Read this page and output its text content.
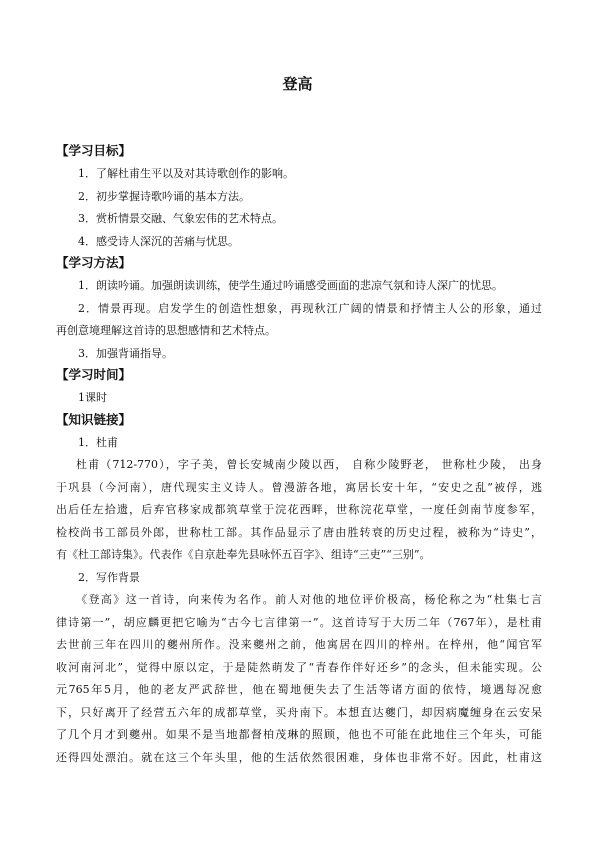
登高
【学习目标】
1．了解杜甫生平以及对其诗歌创作的影响。
2．初步掌握诗歌吟诵的基本方法。
3．赏析情景交融、气象宏伟的艺术特点。
4．感受诗人深沉的苦痛与忧思。
【学习方法】
1．朗读吟诵。加强朗读训练，使学生通过吟诵感受画面的悲凉气氛和诗人深广的忧思。
2．情景再现。启发学生的创造性想象，再现秋江广阔的情景和抒情主人公的形象，通过
再创意境理解这首诗的思想感情和艺术特点。
3．加强背诵指导。
【学习时间】
1课时
【知识链接】
1．杜甫
杜甫（712-770），字子美，曾长安城南少陵以西， 自称少陵野老， 世称杜少陵， 出身
于巩县（今河南），唐代现实主义诗人。曾漫游各地，寓居长安十年，“安史之乱”被俘，逃
出后任左拾遗，后弃官移家成都筑草堂于浣花西畔，世称浣花草堂，一度任剑南节度参军，
检校尚书工部员外郎，世称杜工部。其作品显示了唐由胜转衰的历史过程，被称为“诗史”，
有《杜工部诗集》。代表作《自京赴奉先县咏怀五百字》、组诗“三吏”“三别”。
2．写作背景
《登高》这一首诗，向来传为名作。前人对他的地位评价极高，杨伦称之为“杜集七言
律诗第一”，胡应麟更把它喻为“古今七言律第一”。这首诗写于大历二年（767年），是杜甫
去世前三年在四川的夔州所作。没来夔州之前，他寓居在四川的梓州。在梓州，他“闻官军
收河南河北”，觉得中原以定，于是陡然萌发了“青春作伴好还乡”的念头，但未能实现。公
元765年5月，他的老友严武辞世，他在蜀地便失去了生活等诸方面的依恃，境遇每况愈
下，只好离开了经营五六年的成都草堂，买舟南下。本想直达夔门，却因病魔缠身在云安呆
了几个月才到夔州。如果不是当地都督柏茂琳的照顾，他也不可能在此地住三个年头，可能
还得四处漂泊。就在这三个年头里，他的生活依然很困难，身体也非常不好。因此，杜甫这
